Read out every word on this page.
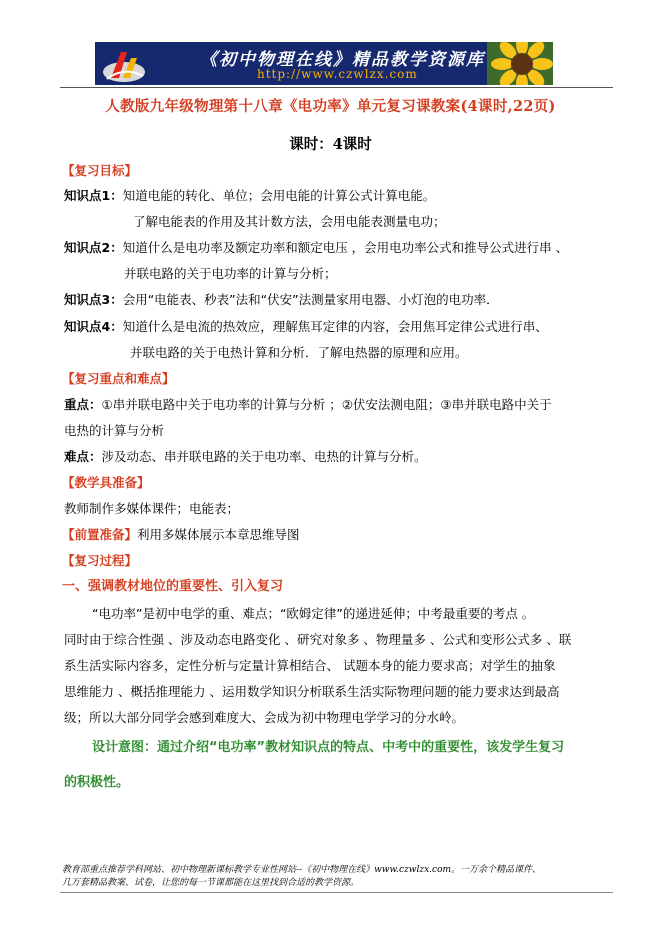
《初中物理在线》精品教学资源库
http://www.czwlzx.com
人教版九年级物理第十八章《电功率》单元复习课教案(4课时,22页)
课时：4课时
【复习目标】
知识点1：知道电能的转化、单位；会用电能的计算公式计算电能。
了解电能表的作用及其计数方法，会用电能表测量电功；
知识点2：知道什么是电功率及额定功率和额定电压 ，会用电功率公式和推导公式进行串 、
并联电路的关于电功率的计算与分析；
知识点3：会用“电能表、秒表”法和“伏安”法测量家用电器、小灯泡的电功率．
知识点4：知道什么是电流的热效应，理解焦耳定律的内容，会用焦耳定律公式进行串、
并联电路的关于电热计算和分析．了解电热器的原理和应用。
【复习重点和难点】
重点：①串并联电路中关于电功率的计算与分析 ；②伏安法测电阻；③串并联电路中关于
电热的计算与分析
难点：涉及动态、串并联电路的关于电功率、电热的计算与分析。
【教学具准备】
教师制作多媒体课件；电能表；
【前置准备】利用多媒体展示本章思维导图
【复习过程】
一、强调教材地位的重要性、引入复习
“电功率”是初中电学的重、难点；“欧姆定律”的递进延伸；中考最重要的考点 。
同时由于综合性强 、涉及动态电路变化 、研究对象多 、物理量多 、公式和变形公式多 、联
系生活实际内容多，定性分析与定量计算相结合、 试题本身的能力要求高；对学生的抽象
思维能力 、概括推理能力 、运用数学知识分析联系生活实际物理问题的能力要求达到最高
级；所以大部分同学会感到难度大、会成为初中物理电学学习的分水岭。
设计意图：通过介绍“电功率”教材知识点的特点、中考中的重要性，该发学生复习
的积极性。
教育部重点推荐学科网站、初中物理新课标教学专业性网站--《初中物理在线》www.czwlzx.com。一万余个精品课件、
几万套精品教案、试卷，让您的每一节课都能在这里找到合适的教学资源。
